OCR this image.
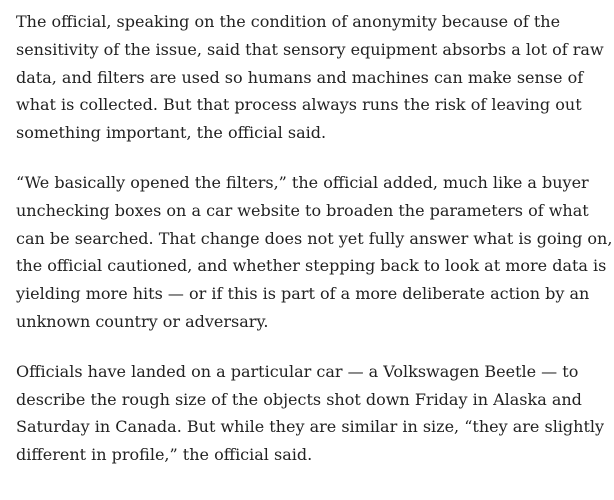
The official, speaking on the condition of anonymity because of the
sensitivity of the issue, said that sensory equipment absorbs a lot of raw
data, and filters are used so humans and machines can make sense of
what is collected. But that process always runs the risk of leaving out
something important, the official said.

“We basically opened the filters,” the official added, much like a buyer
unchecking boxes on a car website to broaden the parameters of what
can be searched. That change does not yet fully answer what is going on,
the official cautioned, and whether stepping back to look at more data is
yielding more hits — or if this is part of a more deliberate action by an
unknown country or adversary.

Officials have landed on a particular car — a Volkswagen Beetle — to
describe the rough size of the objects shot down Friday in Alaska and
Saturday in Canada. But while they are similar in size, “they are slightly
different in profile,” the official said.
